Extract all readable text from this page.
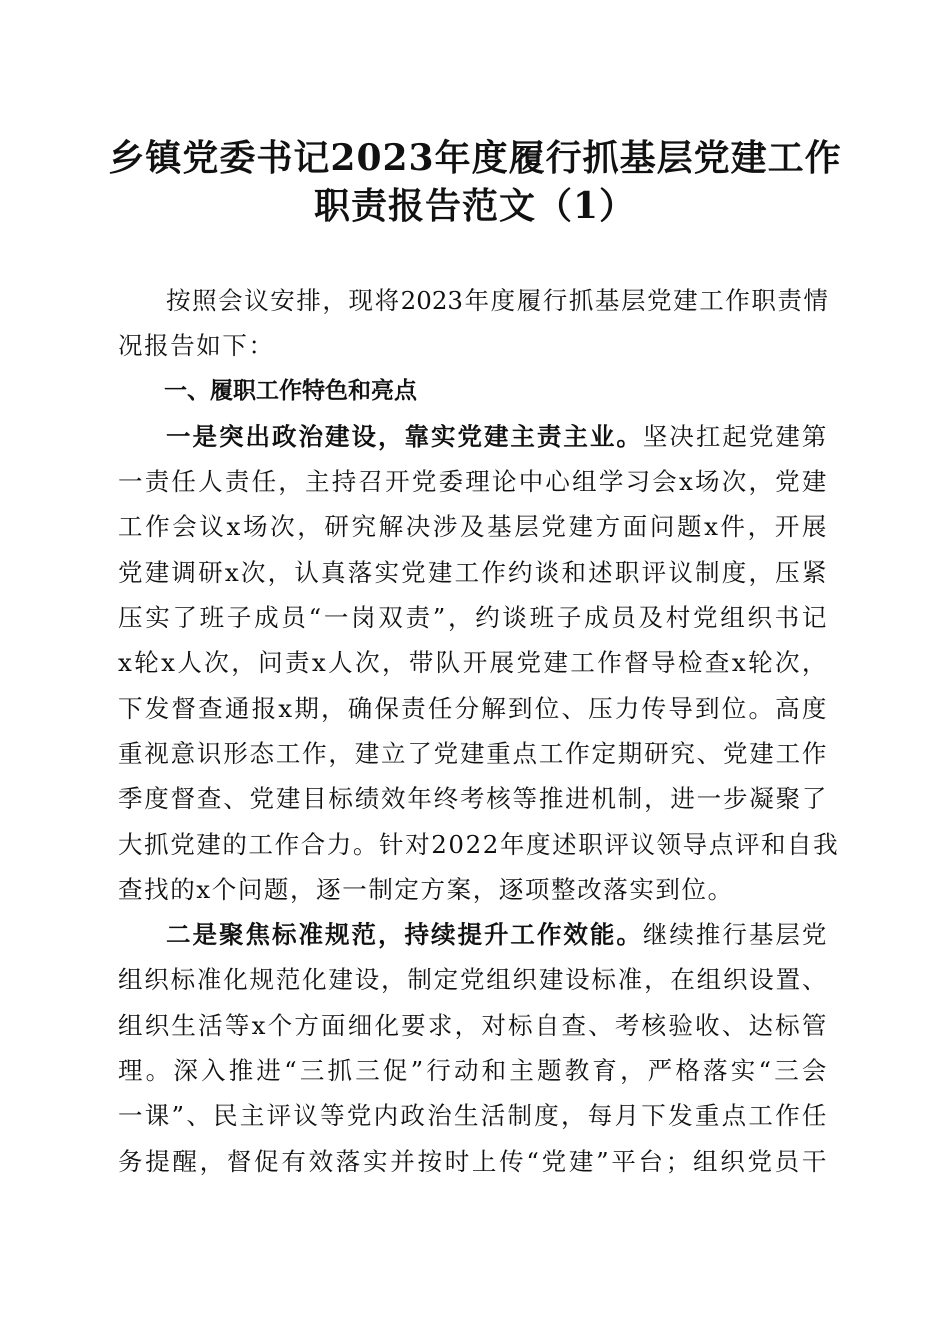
乡镇党委书记2023年度履行抓基层党建工作
职责报告范文（1）
按照会议安排，现将2023年度履行抓基层党建工作职责情
况报告如下：
一、履职工作特色和亮点
一是突出政治建设，靠实党建主责主业。坚决扛起党建第
一责任人责任，主持召开党委理论中心组学习会x场次，党建
工作会议x场次，研究解决涉及基层党建方面问题x件，开展
党建调研x次，认真落实党建工作约谈和述职评议制度，压紧
压实了班子成员“一岗双责”，约谈班子成员及村党组织书记
x轮x人次，问责x人次，带队开展党建工作督导检查x轮次，
下发督查通报x期，确保责任分解到位、压力传导到位。高度
重视意识形态工作，建立了党建重点工作定期研究、党建工作
季度督查、党建目标绩效年终考核等推进机制，进一步凝聚了
大抓党建的工作合力。针对2022年度述职评议领导点评和自我
查找的x个问题，逐一制定方案，逐项整改落实到位。
二是聚焦标准规范，持续提升工作效能。继续推行基层党
组织标准化规范化建设，制定党组织建设标准，在组织设置、
组织生活等x个方面细化要求，对标自查、考核验收、达标管
理。深入推进“三抓三促”行动和主题教育，严格落实“三会
一课”、民主评议等党内政治生活制度，每月下发重点工作任
务提醒，督促有效落实并按时上传“党建”平台；组织党员干
